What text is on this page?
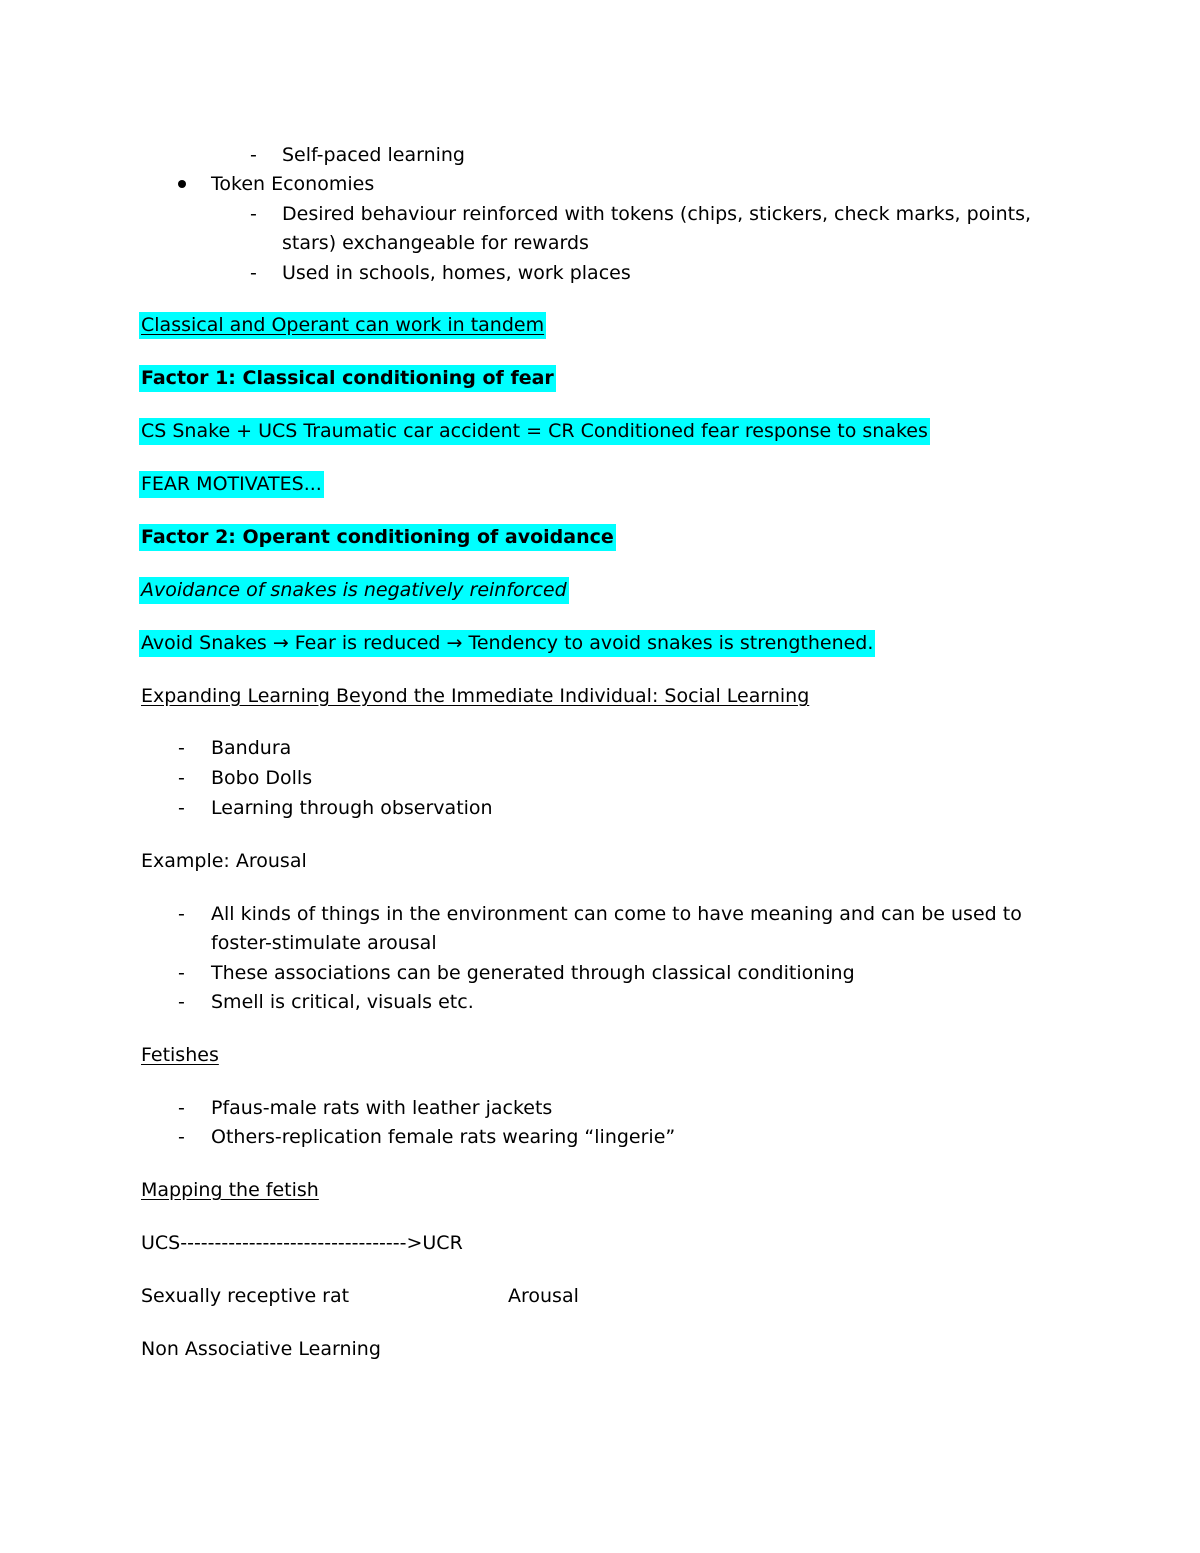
- Self-paced learning
Token Economies
- Desired behaviour reinforced with tokens (chips, stickers, check marks, points,
stars) exchangeable for rewards
- Used in schools, homes, work places
Classical and Operant can work in tandem
Factor 1: Classical conditioning of fear
CS Snake + UCS Traumatic car accident = CR Conditioned fear response to snakes
FEAR MOTIVATES...
Factor 2: Operant conditioning of avoidance
Avoidance of snakes is negatively reinforced
Avoid Snakes → Fear is reduced → Tendency to avoid snakes is strengthened.
Expanding Learning Beyond the Immediate Individual: Social Learning
- Bandura
- Bobo Dolls
- Learning through observation
Example: Arousal
- All kinds of things in the environment can come to have meaning and can be used to
foster-stimulate arousal
- These associations can be generated through classical conditioning
- Smell is critical, visuals etc.
Fetishes
- Pfaus-male rats with leather jackets
- Others-replication female rats wearing “lingerie”
Mapping the fetish
UCS--------------------------------->UCR
Sexually receptive rat	Arousal
Non Associative Learning
